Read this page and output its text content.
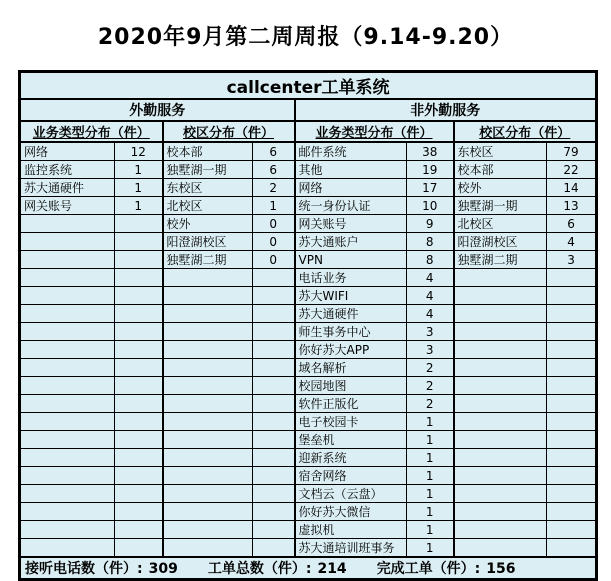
2020年9月第二周周报（9.14-9.20）
callcenter工单系统							
外勤服务				非外勤服务			
业务类型分布（件）		校区分布（件）		业务类型分布（件）		校区分布（件）	
网络	12	校本部	6	邮件系统	38	东校区	79
监控系统	1	独墅湖一期	6	其他	19	校本部	22
苏大通硬件	1	东校区	2	网络	17	校外	14
网关账号	1	北校区	1	统一身份认证	10	独墅湖一期	13
		校外	0	网关账号	9	北校区	6
		阳澄湖校区	0	苏大通账户	8	阳澄湖校区	4
		独墅湖二期	0	VPN	8	独墅湖二期	3
				电话业务	4		
				苏大WIFI	4		
				苏大通硬件	4		
				师生事务中心	3		
				你好苏大APP	3		
				域名解析	2		
				校园地图	2		
				软件正版化	2		
				电子校园卡	1		
				堡垒机	1		
				迎新系统	1		
				宿舍网络	1		
				文档云（云盘）	1		
				你好苏大微信	1		
				虚拟机	1		
				苏大通培训班事务	1		

接听电话数（件）: 309 工单总数（件）: 214 完成工单（件）: 156							
